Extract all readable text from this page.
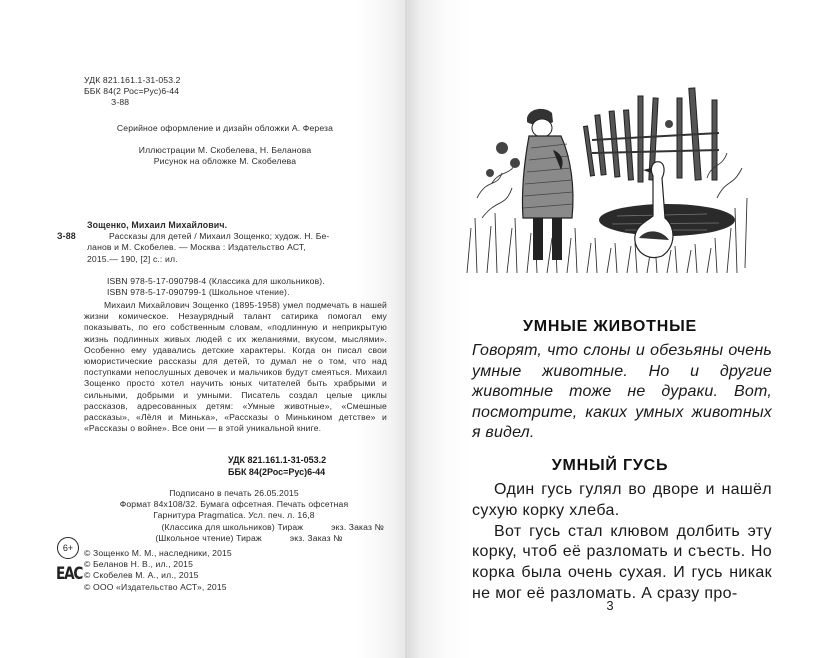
УДК 821.161.1-31-053.2
ББК 84(2 Рос=Рус)6-44
З-88
Серийное оформление и дизайн обложки А. Фереза
Иллюстрации М. Скобелева, Н. Беланова
Рисунок на обложке М. Скобелева
Зощенко, Михаил Михайлович.
З-88	Рассказы для детей / Михаил Зощенко; худож. Н. Бе-

ланов и М. Скобелев. — Москва : Издательство АСТ,

2015.— 190, [2] с.: ил.

ISBN 978-5-17-090798-4 (Классика для школьников).
ISBN 978-5-17-090799-1 (Школьное чтение).
Михаил Михайлович Зощенко (1895-1958) умел подмечать в нашей жизни комическое. Незаурядный талант сатирика помогал ему показывать, по его собственным словам, «подлинную и неприкрытую жизнь подлинных живых людей с их желаниями, вкусом, мыслями». Особенно ему удавались детские характеры. Когда он писал свои юмористические рассказы для детей, то думал не о том, что над поступками непослушных девочек и мальчиков будут смеяться. Михаил Зощенко просто хотел научить юных читателей быть храбрыми и сильными, добрыми и умными. Писатель создал целые циклы рассказов, адресованных детям: «Умные животные», «Смешные рассказы», «Лёля и Минька», «Рассказы о Минькином детстве» и «Рассказы о войне». Все они — в этой уникальной книге.
УДК 821.161.1-31-053.2
ББК 84(2Рос=Рус)6-44
Подписано в печать 26.05.2015
Формат 84x108/32. Бумага офсетная. Печать офсетная
Гарнитура Pragmatica. Усл. печ. л. 16,8
(Классика для школьников) Тираж           экз. Заказ №
(Школьное чтение) Тираж           экз. Заказ №
6+
ЕАС
© Зощенко М. М., наследники, 2015
© Беланов Н. В., ил., 2015
© Скобелев М. А., ил., 2015
© ООО «Издательство АСТ», 2015
УМНЫЕ ЖИВОТНЫЕ
Говорят, что слоны и обезьяны очень умные животные. Но и другие животные тоже не дураки. Вот, посмотрите, каких умных животных я видел.
УМНЫЙ ГУСЬ

Один гусь гулял во дворе и нашёл сухую корку хлеба.

Вот гусь стал клювом долбить эту корку, чтоб её разломать и съесть. Но корка была очень сухая. И гусь никак не мог её разломать. А сразу про-

3
